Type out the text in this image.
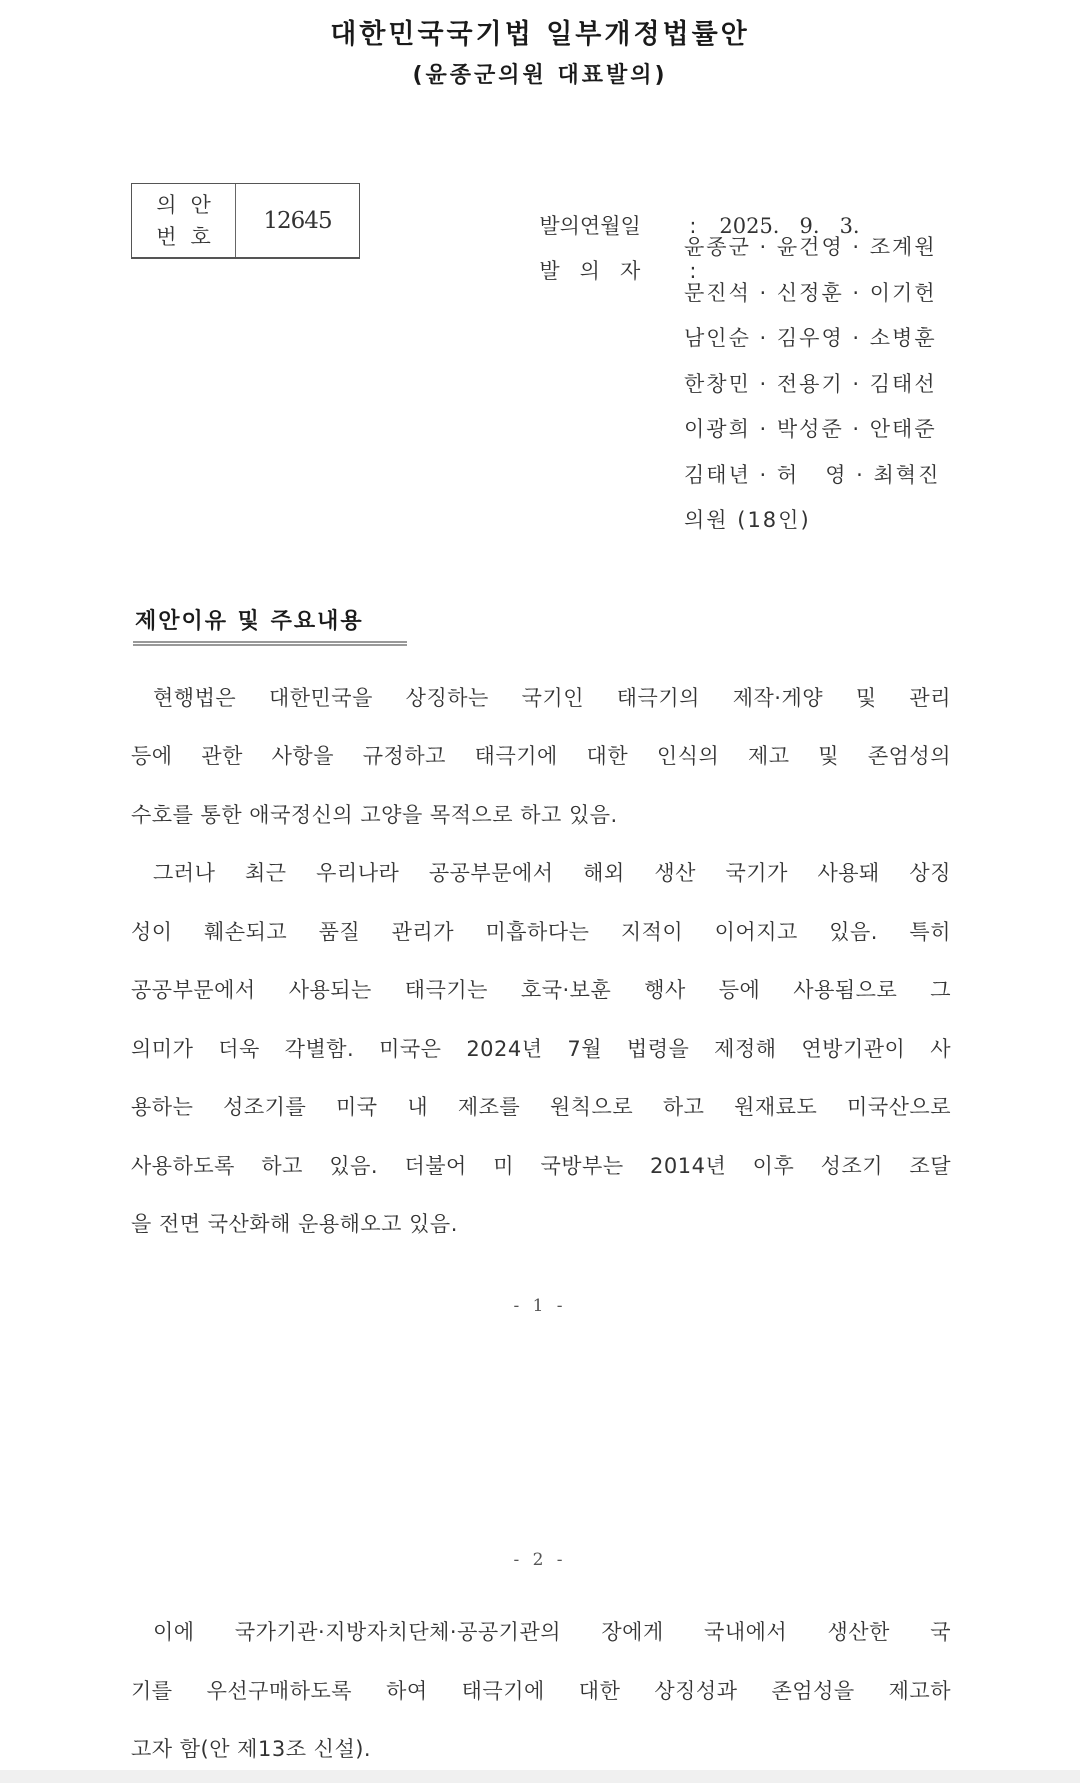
대한민국국기법 일부개정법률안
(윤종군의원 대표발의)
의안
번호
12645	발의연월일 : 2025.   9.   3.

발   의   자 :

윤종군 · 윤건영 · 조계원
문진석 · 신정훈 · 이기헌
남인순 · 김우영 · 소병훈
한창민 · 전용기 · 김태선
이광희 · 박성준 · 안태준
김태년 · 허   영 · 최혁진
의원 (18인)
제안이유 및 주요내용
현행법은 대한민국을 상징하는 국기인 태극기의 제작·게양 및 관리
등에 관한 사항을 규정하고 태극기에 대한 인식의 제고 및 존엄성의
수호를 통한 애국정신의 고양을 목적으로 하고 있음.
그러나 최근 우리나라 공공부문에서 해외 생산 국기가 사용돼 상징
성이 훼손되고 품질 관리가 미흡하다는 지적이 이어지고 있음. 특히
공공부문에서 사용되는 태극기는 호국·보훈 행사 등에 사용됨으로 그
의미가 더욱 각별함. 미국은 2024년 7월 법령을 제정해 연방기관이 사
용하는 성조기를 미국 내 제조를 원칙으로 하고 원재료도 미국산으로
사용하도록 하고 있음. 더불어 미 국방부는 2014년 이후 성조기 조달
을 전면 국산화해 운용해오고 있음.
- 1 -
- 2 -
이에 국가기관·지방자치단체·공공기관의 장에게 국내에서 생산한 국
기를 우선구매하도록 하여 태극기에 대한 상징성과 존엄성을 제고하
고자 함(안 제13조 신설).
